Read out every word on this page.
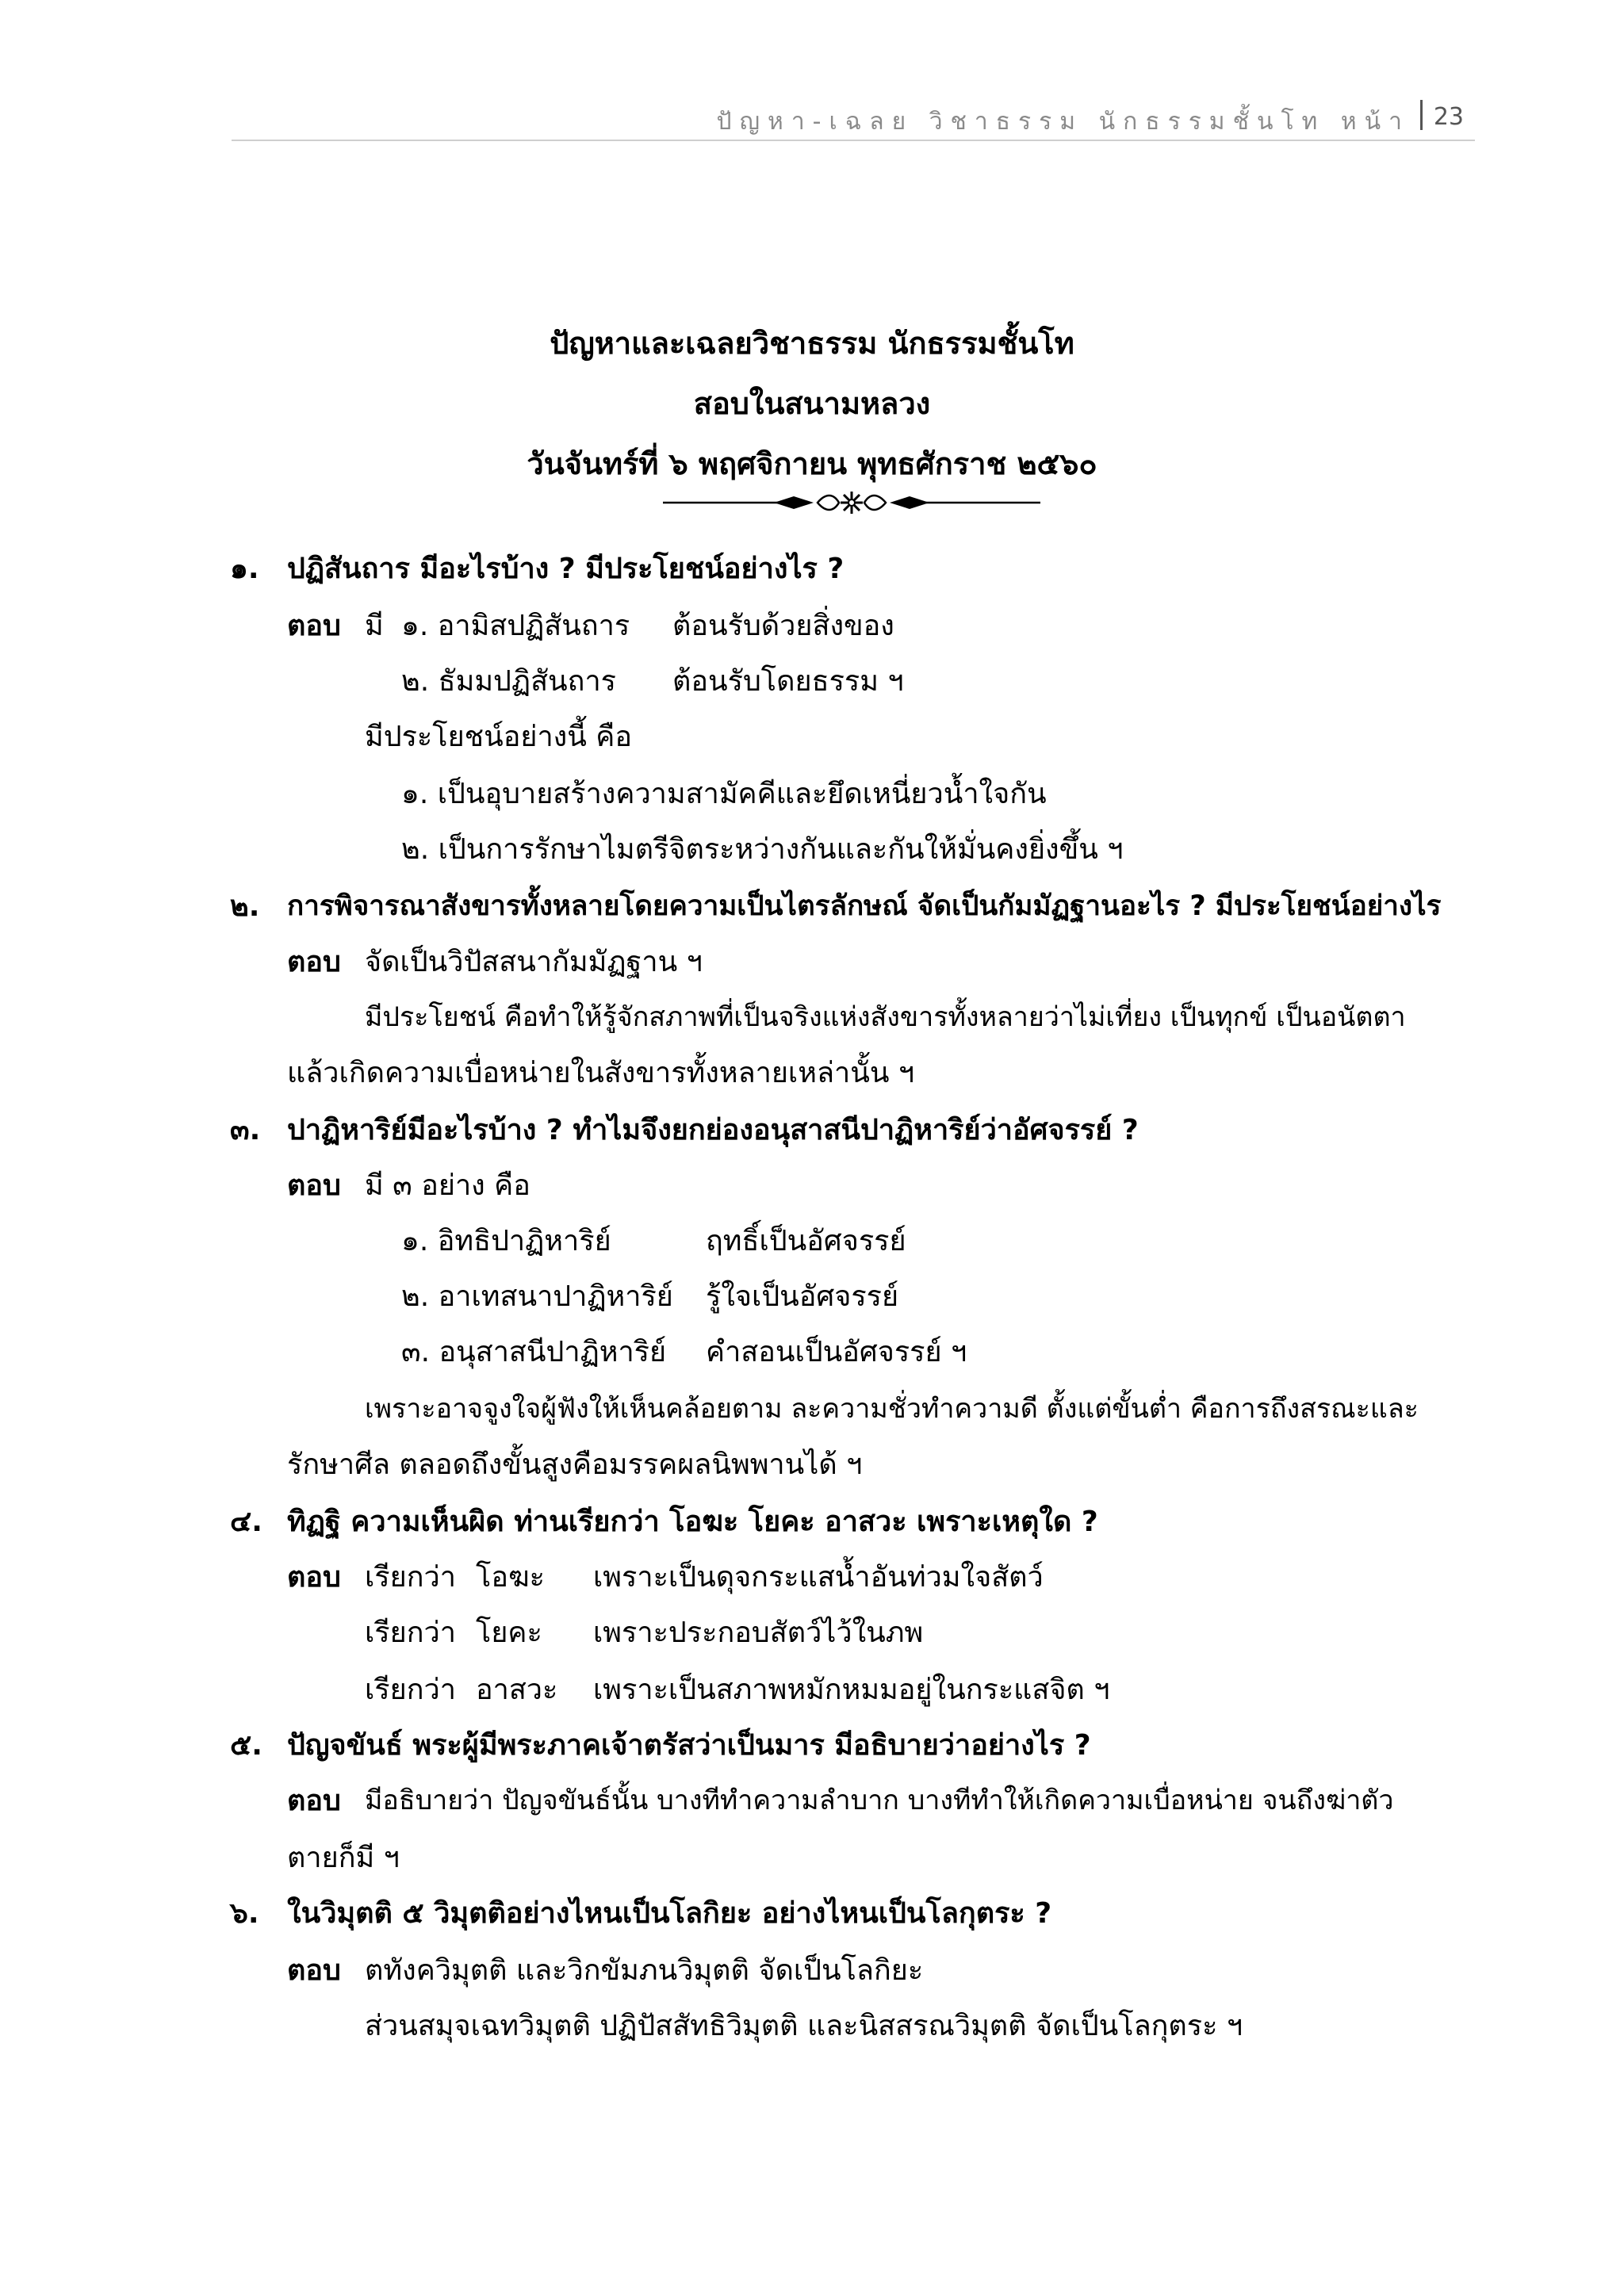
ปัญหา-เฉลย วิชาธรรม นักธรรมชั้นโท หน้า 23
ปัญหาและเฉลยวิชาธรรม นักธรรมชั้นโท
สอบในสนามหลวง
วันจันทร์ที่ ๖ พฤศจิกายน พุทธศักราช ๒๕๖๐
๑. ปฏิสันถาร มีอะไรบ้าง ? มีประโยชน์อย่างไร ?
ตอบ มี ๑. อามิสปฏิสันถาร ต้อนรับด้วยสิ่งของ
๒. ธัมมปฏิสันถาร ต้อนรับโดยธรรม ฯ
มีประโยชน์อย่างนี้ คือ
๑. เป็นอุบายสร้างความสามัคคีและยึดเหนี่ยวน้ำใจกัน
๒. เป็นการรักษาไมตรีจิตระหว่างกันและกันให้มั่นคงยิ่งขึ้น ฯ
๒. การพิจารณาสังขารทั้งหลายโดยความเป็นไตรลักษณ์ จัดเป็นกัมมัฏฐานอะไร ? มีประโยชน์อย่างไร
ตอบ จัดเป็นวิปัสสนากัมมัฏฐาน ฯ
มีประโยชน์ คือทำให้รู้จักสภาพที่เป็นจริงแห่งสังขารทั้งหลายว่าไม่เที่ยง เป็นทุกข์ เป็นอนัตตา
แล้วเกิดความเบื่อหน่ายในสังขารทั้งหลายเหล่านั้น ฯ
๓. ปาฏิหาริย์มีอะไรบ้าง ? ทำไมจึงยกย่องอนุสาสนีปาฏิหาริย์ว่าอัศจรรย์ ?
ตอบ มี ๓ อย่าง คือ
๑. อิทธิปาฏิหาริย์	ฤทธิ์เป็นอัศจรรย์
๒. อาเทสนาปาฏิหาริย์ รู้ใจเป็นอัศจรรย์
๓. อนุสาสนีปาฏิหาริย์ คำสอนเป็นอัศจรรย์ ฯ
เพราะอาจจูงใจผู้ฟังให้เห็นคล้อยตาม ละความชั่วทำความดี ตั้งแต่ขั้นต่ำ คือการถึงสรณะและ
รักษาศีล ตลอดถึงขั้นสูงคือมรรคผลนิพพานได้ ฯ
๔. ทิฏฐิ ความเห็นผิด ท่านเรียกว่า โอฆะ โยคะ อาสวะ เพราะเหตุใด ?
ตอบ เรียกว่า โอฆะ เพราะเป็นดุจกระแสน้ำอันท่วมใจสัตว์
เรียกว่า โยคะ เพราะประกอบสัตว์ไว้ในภพ
เรียกว่า อาสวะ เพราะเป็นสภาพหมักหมมอยู่ในกระแสจิต ฯ
๕. ปัญจขันธ์ พระผู้มีพระภาคเจ้าตรัสว่าเป็นมาร มีอธิบายว่าอย่างไร ?
ตอบ มีอธิบายว่า ปัญจขันธ์นั้น บางทีทำความลำบาก บางทีทำให้เกิดความเบื่อหน่าย จนถึงฆ่าตัว
ตายก็มี ฯ
๖. ในวิมุตติ ๕ วิมุตติอย่างไหนเป็นโลกิยะ อย่างไหนเป็นโลกุตระ ?
ตอบ ตทังควิมุตติ และวิกขัมภนวิมุตติ จัดเป็นโลกิยะ
ส่วนสมุจเฉทวิมุตติ ปฏิปัสสัทธิวิมุตติ และนิสสรณวิมุตติ จัดเป็นโลกุตระ ฯ
